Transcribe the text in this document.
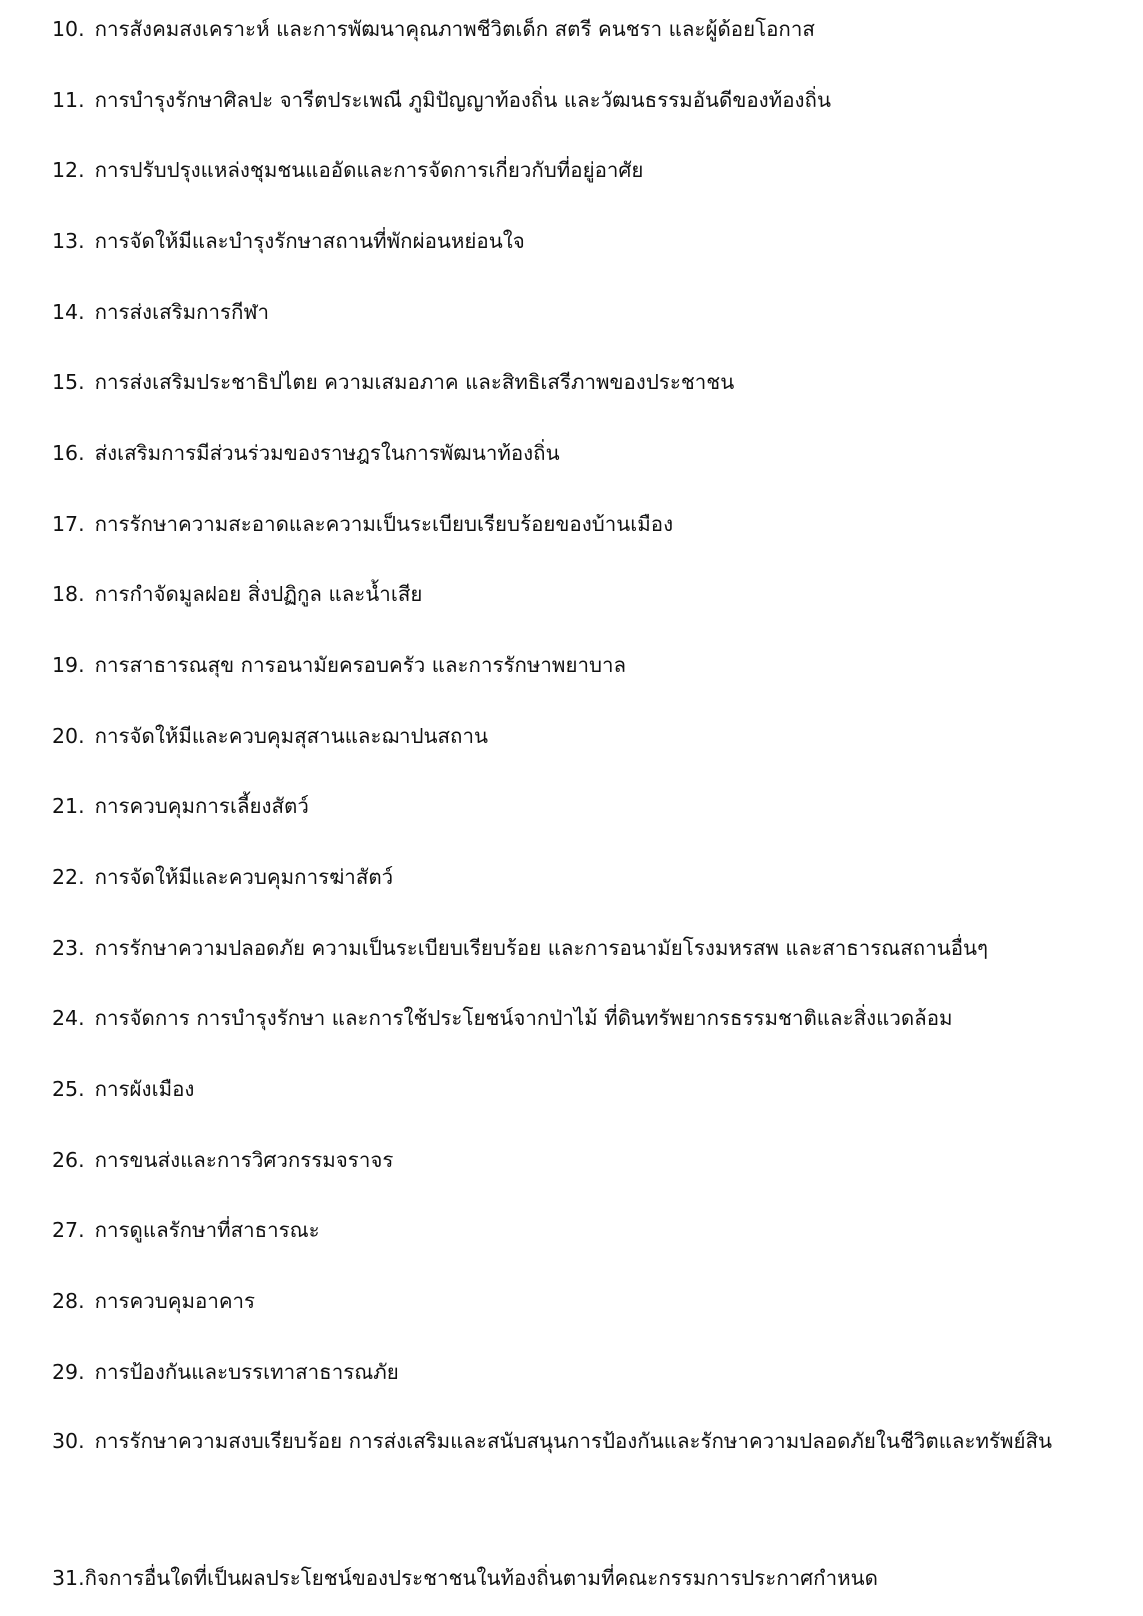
10. การสังคมสงเคราะห์ และการพัฒนาคุณภาพชีวิตเด็ก สตรี คนชรา และผู้ด้อยโอกาส
11. การบำรุงรักษาศิลปะ จารีตประเพณี ภูมิปัญญาท้องถิ่น และวัฒนธรรมอันดีของท้องถิ่น
12. การปรับปรุงแหล่งชุมชนแออัดและการจัดการเกี่ยวกับที่อยู่อาศัย
13. การจัดให้มีและบำรุงรักษาสถานที่พักผ่อนหย่อนใจ
14. การส่งเสริมการกีฬา
15. การส่งเสริมประชาธิปไตย ความเสมอภาค และสิทธิเสรีภาพของประชาชน
16. ส่งเสริมการมีส่วนร่วมของราษฎรในการพัฒนาท้องถิ่น
17. การรักษาความสะอาดและความเป็นระเบียบเรียบร้อยของบ้านเมือง
18. การกำจัดมูลฝอย สิ่งปฏิกูล และน้ำเสีย
19. การสาธารณสุข การอนามัยครอบครัว และการรักษาพยาบาล
20. การจัดให้มีและควบคุมสุสานและฌาปนสถาน
21. การควบคุมการเลี้ยงสัตว์
22. การจัดให้มีและควบคุมการฆ่าสัตว์
23. การรักษาความปลอดภัย ความเป็นระเบียบเรียบร้อย และการอนามัยโรงมหรสพ และสาธารณสถานอื่นๆ
24. การจัดการ การบำรุงรักษา และการใช้ประโยชน์จากป่าไม้ ที่ดินทรัพยากรธรรมชาติและสิ่งแวดล้อม
25. การผังเมือง
26. การขนส่งและการวิศวกรรมจราจร
27. การดูแลรักษาที่สาธารณะ
28. การควบคุมอาคาร
29. การป้องกันและบรรเทาสาธารณภัย
30. การรักษาความสงบเรียบร้อย การส่งเสริมและสนับสนุนการป้องกันและรักษาความปลอดภัยในชีวิตและทรัพย์สิน
31.กิจการอื่นใดที่เป็นผลประโยชน์ของประชาชนในท้องถิ่นตามที่คณะกรรมการประกาศกำหนด
